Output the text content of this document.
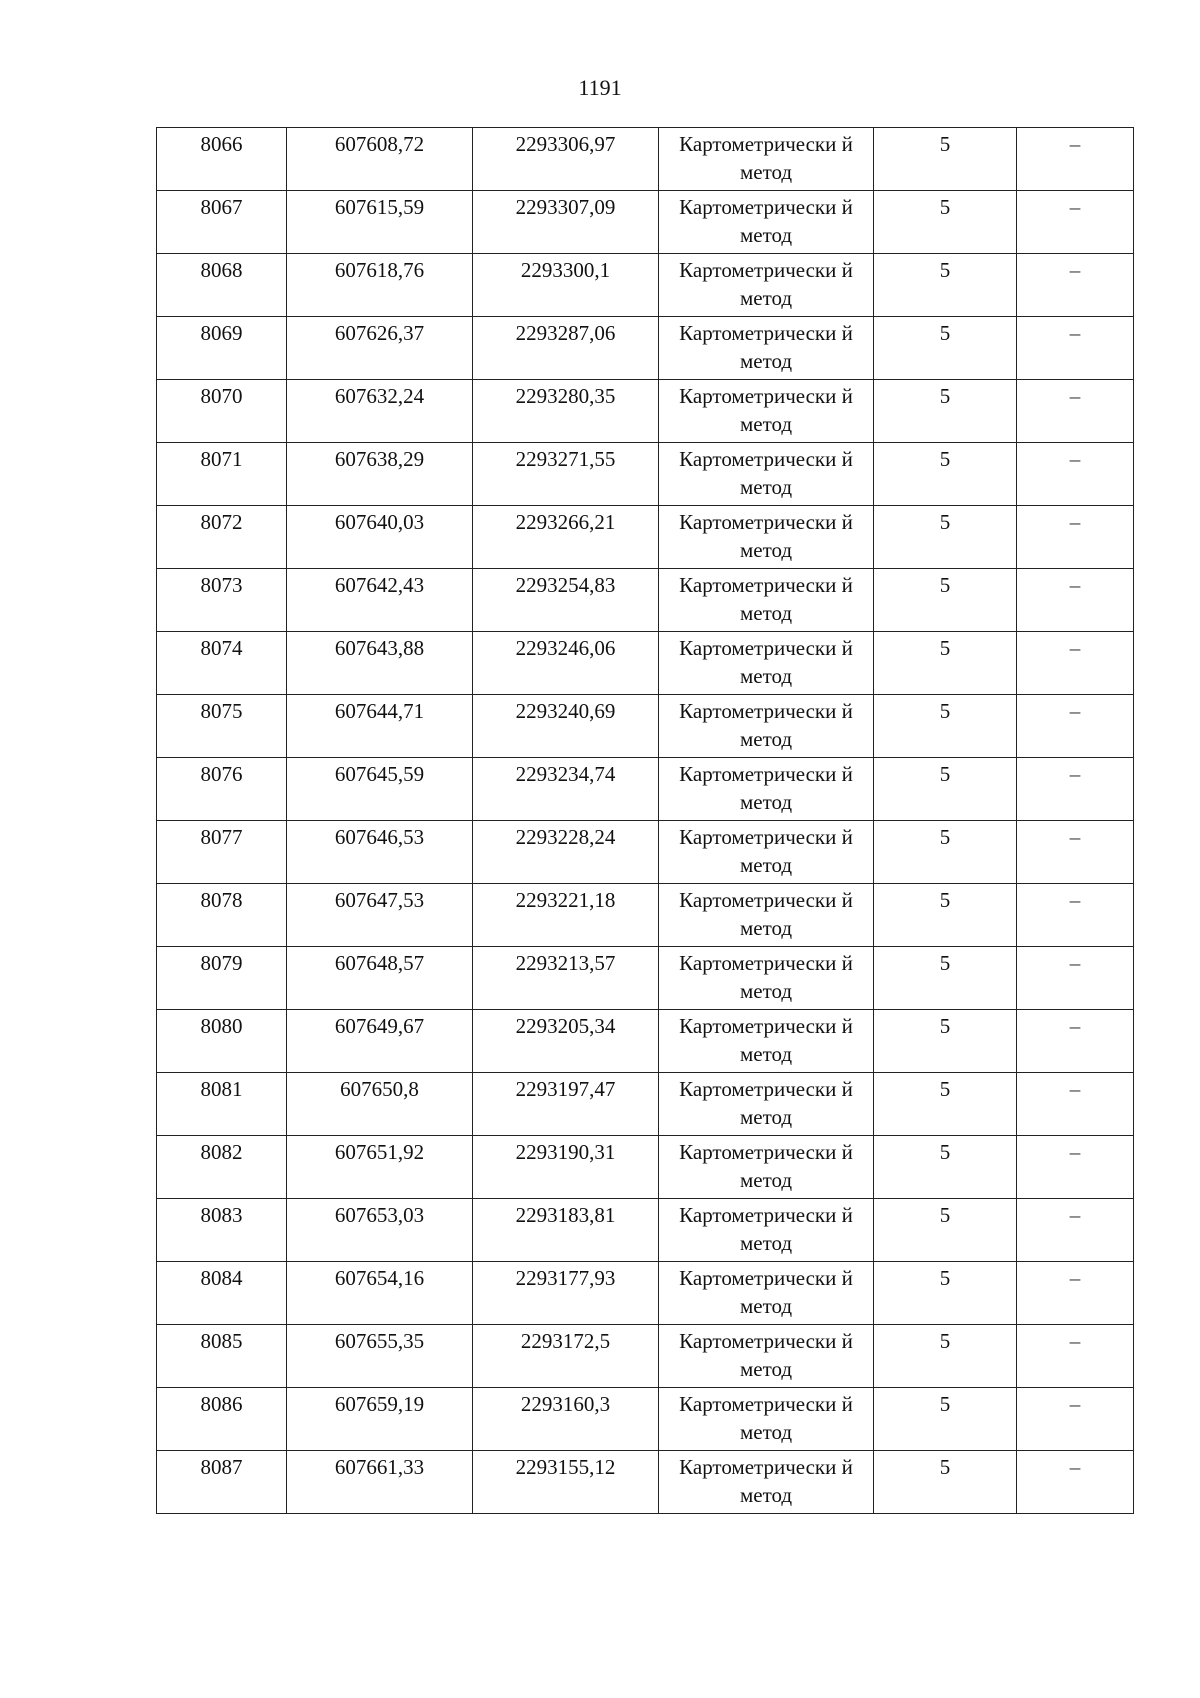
1191
8066	607608,72	2293306,97	Картометрически й метод	5	–

8067	607615,59	2293307,09	Картометрически й метод	5	–

8068	607618,76	2293300,1	Картометрически й метод	5	–

8069	607626,37	2293287,06	Картометрически й метод	5	–

8070	607632,24	2293280,35	Картометрически й метод	5	–

8071	607638,29	2293271,55	Картометрически й метод	5	–

8072	607640,03	2293266,21	Картометрически й метод	5	–

8073	607642,43	2293254,83	Картометрически й метод	5	–

8074	607643,88	2293246,06	Картометрически й метод	5	–

8075	607644,71	2293240,69	Картометрически й метод	5	–

8076	607645,59	2293234,74	Картометрически й метод	5	–

8077	607646,53	2293228,24	Картометрически й метод	5	–

8078	607647,53	2293221,18	Картометрически й метод	5	–

8079	607648,57	2293213,57	Картометрически й метод	5	–

8080	607649,67	2293205,34	Картометрически й метод	5	–

8081	607650,8	2293197,47	Картометрически й метод	5	–

8082	607651,92	2293190,31	Картометрически й метод	5	–

8083	607653,03	2293183,81	Картометрически й метод	5	–

8084	607654,16	2293177,93	Картометрически й метод	5	–

8085	607655,35	2293172,5	Картометрически й метод	5	–

8086	607659,19	2293160,3	Картометрически й метод	5	–

8087	607661,33	2293155,12	Картометрически й метод	5	–
